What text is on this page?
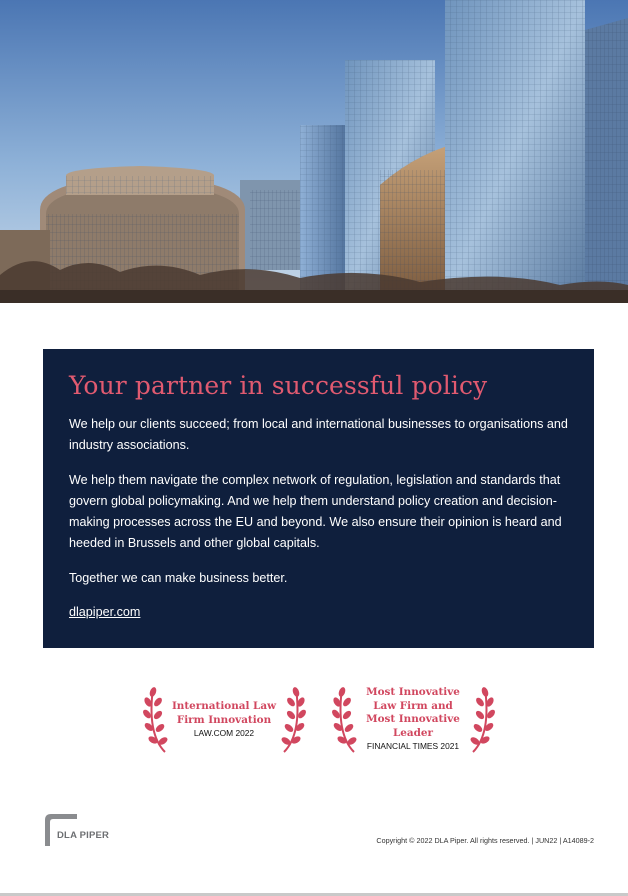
Your partner in successful policy

We help our clients succeed; from local and international businesses to organisations and industry associations.

We help them navigate the complex network of regulation, legislation and standards that govern global policymaking. And we help them understand policy creation and decision-making processes across the EU and beyond. We also ensure their opinion is heard and heeded in Brussels and other global capitals.

Together we can make business better.

dlapiper.com
International Law
Firm Innovation
LAW.COM 2022
Most Innovative
Law Firm and
Most Innovative
Leader
FINANCIAL TIMES 2021
DLA PIPER	Copyright © 2022 DLA Piper. All rights reserved. | JUN22 | A14089-2
